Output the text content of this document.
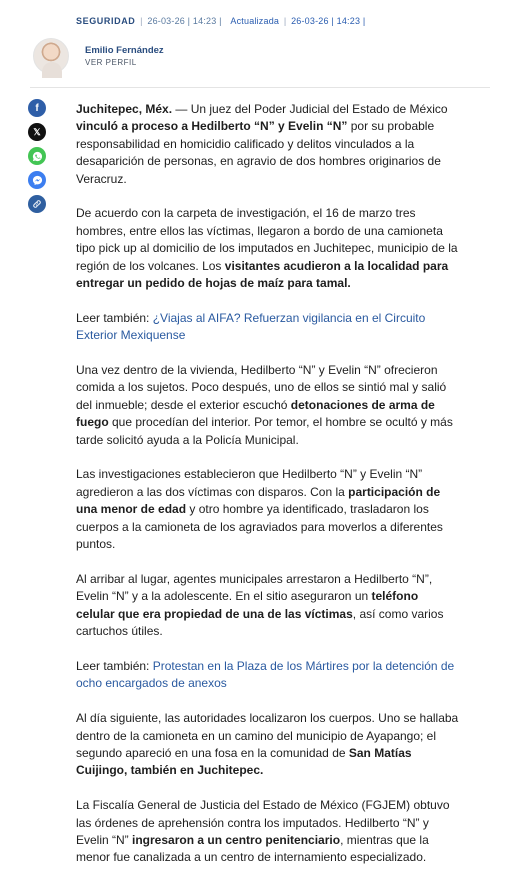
SEGURIDAD | 26-03-26 | 14:23 | Actualizada | 26-03-26 | 14:23 |
Emilio Fernández
VER PERFIL
f
𝕏

Juchitepec, Méx. — Un juez del Poder Judicial del Estado de México vinculó a proceso a Hedilberto “N” y Evelin “N” por su probable responsabilidad en homicidio calificado y delitos vinculados a la desaparición de personas, en agravio de dos hombres originarios de Veracruz.

De acuerdo con la carpeta de investigación, el 16 de marzo tres hombres, entre ellos las víctimas, llegaron a bordo de una camioneta tipo pick up al domicilio de los imputados en Juchitepec, municipio de la región de los volcanes. Los visitantes acudieron a la localidad para entregar un pedido de hojas de maíz para tamal.

Leer también: ¿Viajas al AIFA? Refuerzan vigilancia en el Circuito Exterior Mexiquense

Una vez dentro de la vivienda, Hedilberto “N” y Evelin “N” ofrecieron comida a los sujetos. Poco después, uno de ellos se sintió mal y salió del inmueble; desde el exterior escuchó detonaciones de arma de fuego que procedían del interior. Por temor, el hombre se ocultó y más tarde solicitó ayuda a la Policía Municipal.

Las investigaciones establecieron que Hedilberto “N” y Evelin “N” agredieron a las dos víctimas con disparos. Con la participación de una menor de edad y otro hombre ya identificado, trasladaron los cuerpos a la camioneta de los agraviados para moverlos a diferentes puntos.

Al arribar al lugar, agentes municipales arrestaron a Hedilberto “N”, Evelin “N” y a la adolescente. En el sitio aseguraron un teléfono celular que era propiedad de una de las víctimas, así como varios cartuchos útiles.

Leer también: Protestan en la Plaza de los Mártires por la detención de ocho encargados de anexos

Al día siguiente, las autoridades localizaron los cuerpos. Uno se hallaba dentro de la camioneta en un camino del municipio de Ayapango; el segundo apareció en una fosa en la comunidad de San Matías Cuijingo, también en Juchitepec.

La Fiscalía General de Justicia del Estado de México (FGJEM) obtuvo las órdenes de aprehensión contra los imputados. Hedilberto “N” y Evelin “N” ingresaron a un centro penitenciario, mientras que la menor fue canalizada a un centro de internamiento especializado.
